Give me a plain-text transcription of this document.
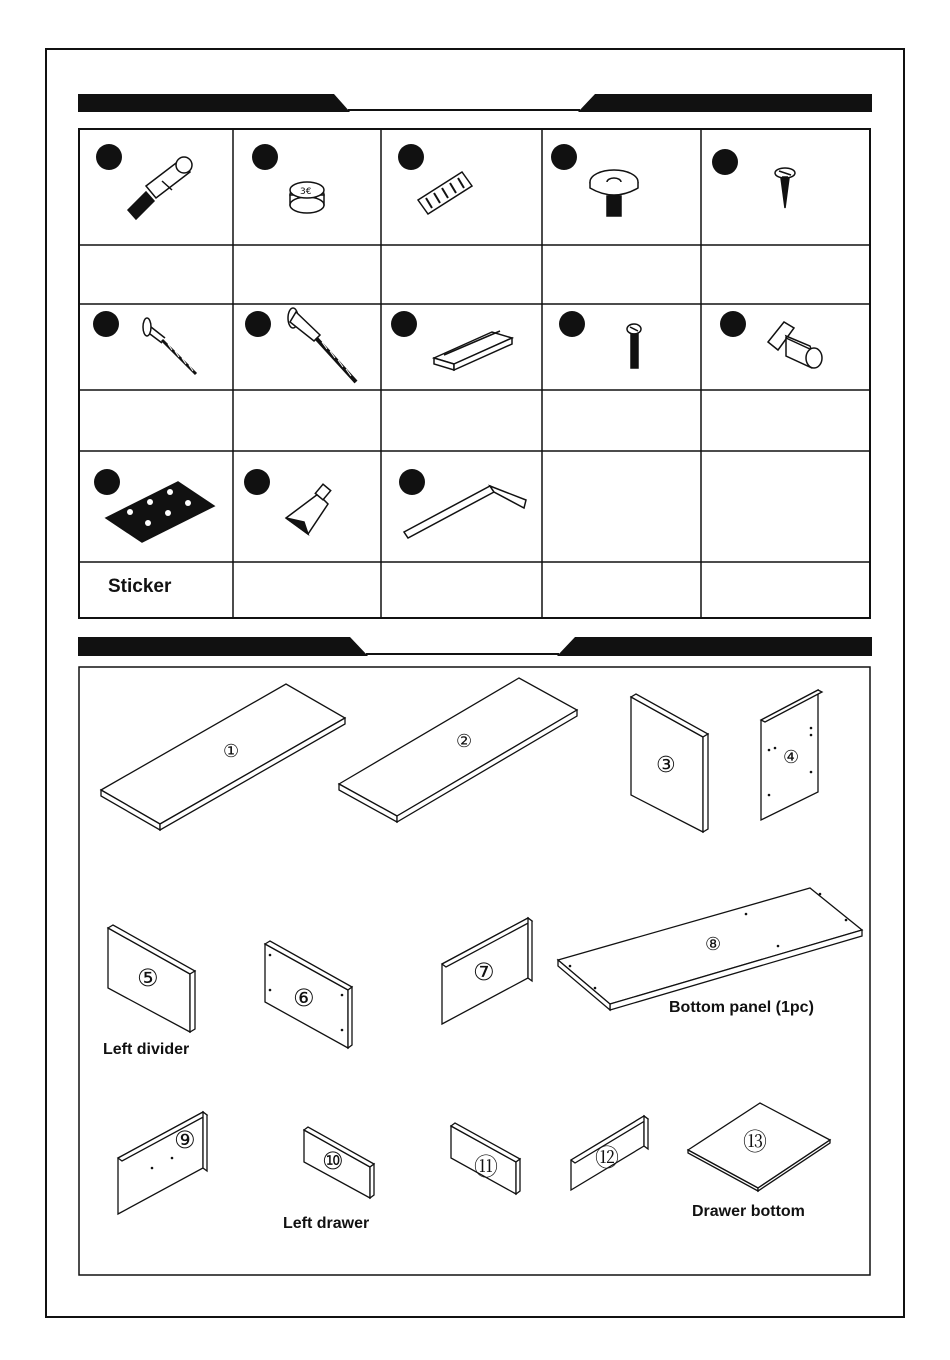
3€
Sticker
①	②
③	④
⑤
⑥
⑦
⑧
⑨
⑩	⑪	⑫
⑬
Left divider
Bottom panel (1pc)
Left drawer
Drawer bottom
